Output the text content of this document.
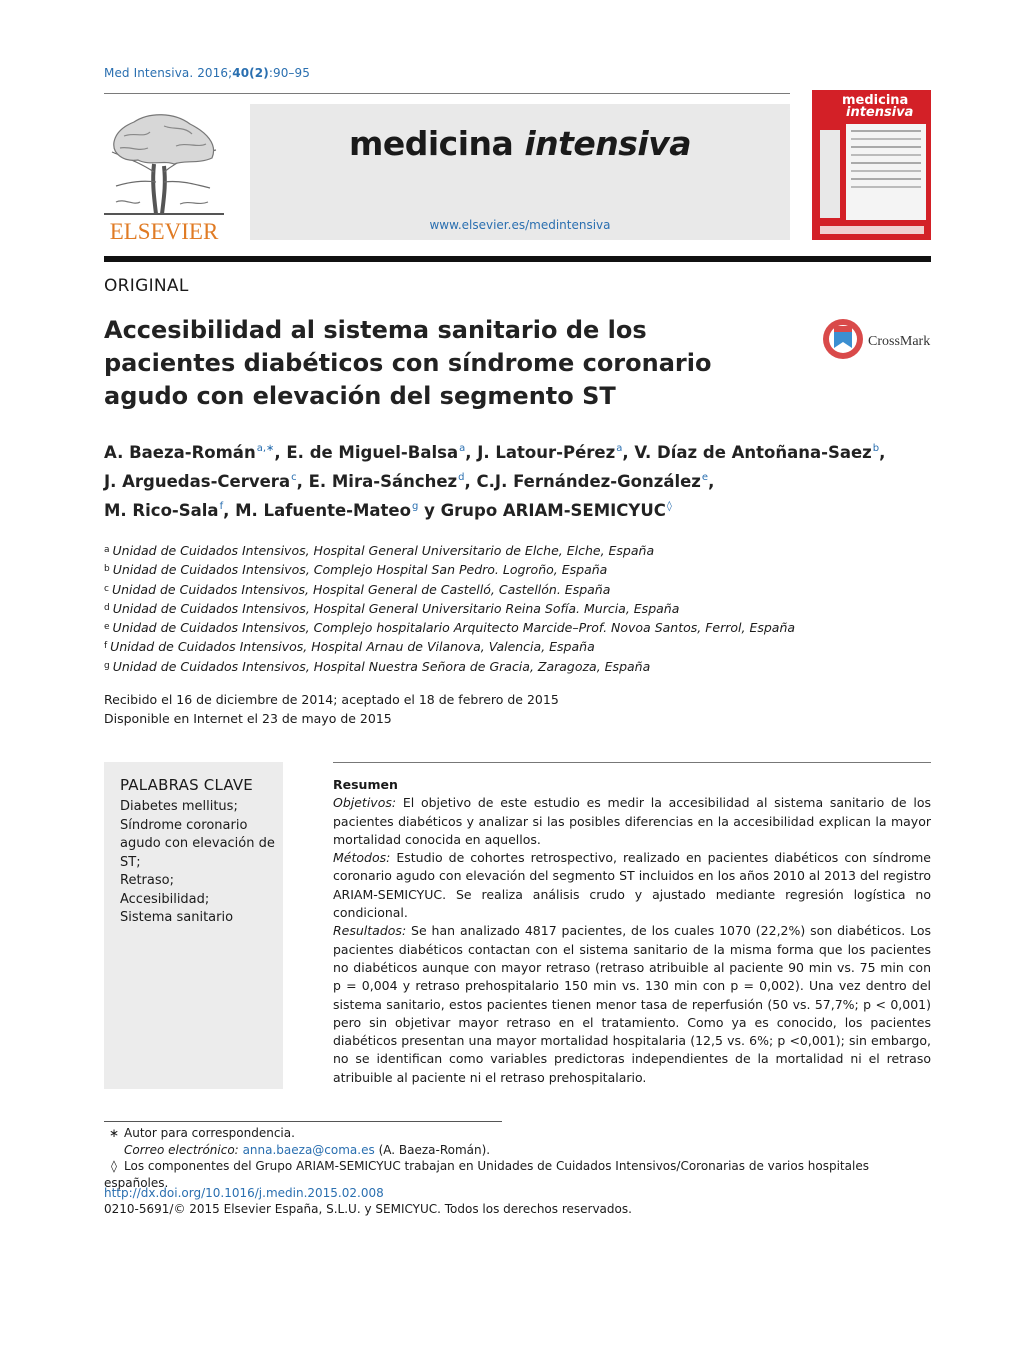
Med Intensiva. 2016;40(2):90–95
ELSEVIER
medicina intensiva
www.elsevier.es/medintensiva
medicina
intensiva
ORIGINAL
Accesibilidad al sistema sanitario de los pacientes diabéticos con síndrome coronario agudo con elevación del segmento ST
CrossMark
A. Baeza-Román$^{a,∗}$, E. de Miguel-Balsa$^a$, J. Latour-Pérez$^a$, V. Díaz de Antoñana-Saez$^b$,
J. Arguedas-Cervera$^c$, E. Mira-Sánchez$^d$, C.J. Fernández-González$^e$,
M. Rico-Sala$^f$, M. Lafuente-Mateo$^g$ y Grupo ARIAM-SEMICYUC◊
$^a$ Unidad de Cuidados Intensivos, Hospital General Universitario de Elche, Elche, España
$^b$ Unidad de Cuidados Intensivos, Complejo Hospital San Pedro. Logroño, España
$^c$ Unidad de Cuidados Intensivos, Hospital General de Castelló, Castellón. España
$^d$ Unidad de Cuidados Intensivos, Hospital General Universitario Reina Sofía. Murcia, España
$^e$ Unidad de Cuidados Intensivos, Complejo hospitalario Arquitecto Marcide–Prof. Novoa Santos, Ferrol, España
$^f$ Unidad de Cuidados Intensivos, Hospital Arnau de Vilanova, Valencia, España
$^g$ Unidad de Cuidados Intensivos, Hospital Nuestra Señora de Gracia, Zaragoza, España
Recibido el 16 de diciembre de 2014; aceptado el 18 de febrero de 2015
Disponible en Internet el 23 de mayo de 2015
PALABRAS CLAVE
Diabetes mellitus;
Síndrome coronario agudo con elevación de ST;
Retraso;
Accesibilidad;
Sistema sanitario

Resumen

Objetivos: El objetivo de este estudio es medir la accesibilidad al sistema sanitario de los pacientes diabéticos y analizar si las posibles diferencias en la accesibilidad explican la mayor mortalidad conocida en aquellos.

Métodos: Estudio de cohortes retrospectivo, realizado en pacientes diabéticos con síndrome coronario agudo con elevación del segmento ST incluidos en los años 2010 al 2013 del registro ARIAM-SEMICYUC. Se realiza análisis crudo y ajustado mediante regresión logística no condicional.

Resultados: Se han analizado 4817 pacientes, de los cuales 1070 (22,2%) son diabéticos. Los pacientes diabéticos contactan con el sistema sanitario de la misma forma que los pacientes no diabéticos aunque con mayor retraso (retraso atribuible al paciente 90 min vs. 75 min con p = 0,004 y retraso prehospitalario 150 min vs. 130 min con p = 0,002). Una vez dentro del sistema sanitario, estos pacientes tienen menor tasa de reperfusión (50 vs. 57,7%; p < 0,001) pero sin objetivar mayor retraso en el tratamiento. Como ya es conocido, los pacientes diabéticos presentan una mayor mortalidad hospitalaria (12,5 vs. 6%; p <0,001); sin embargo, no se identifican como variables predictoras independientes de la mortalidad ni el retraso atribuible al paciente ni el retraso prehospitalario.

∗ Autor para correspondencia.
Correo electrónico: anna.baeza@coma.es (A. Baeza-Román).
◊ Los componentes del Grupo ARIAM-SEMICYUC trabajan en Unidades de Cuidados Intensivos/Coronarias de varios hospitales españoles.
http://dx.doi.org/10.1016/j.medin.2015.02.008
0210-5691/© 2015 Elsevier España, S.L.U. y SEMICYUC. Todos los derechos reservados.
